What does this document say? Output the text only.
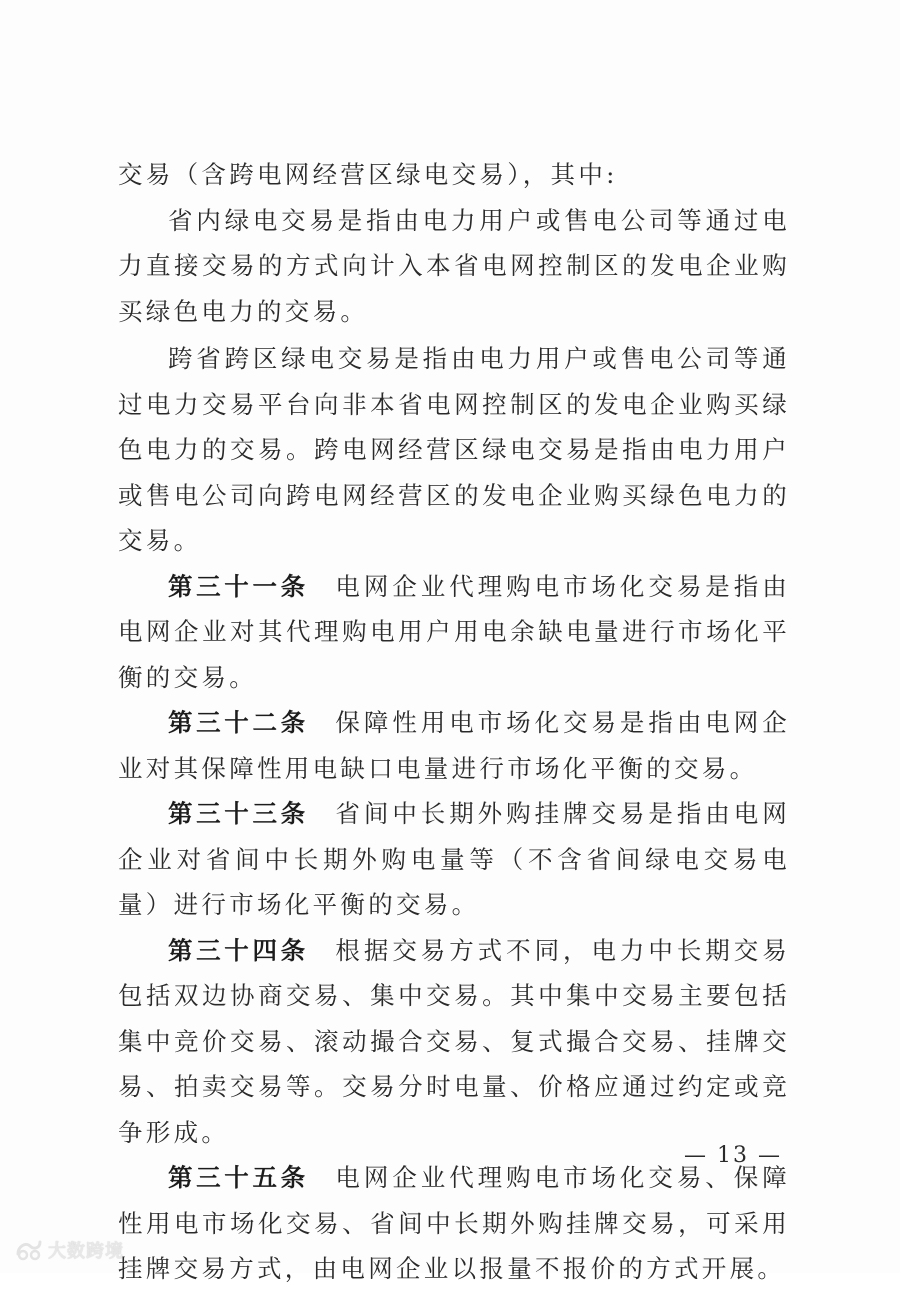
交易（含跨电网经营区绿电交易），其中:

省内绿电交易是指由电力用户或售电公司等通过电力直接交易的方式向计入本省电网控制区的发电企业购买绿色电力的交易。

跨省跨区绿电交易是指由电力用户或售电公司等通过电力交易平台向非本省电网控制区的发电企业购买绿色电力的交易。跨电网经营区绿电交易是指由电力用户或售电公司向跨电网经营区的发电企业购买绿色电力的交易。

第三十一条 电网企业代理购电市场化交易是指由电网企业对其代理购电用户用电余缺电量进行市场化平衡的交易。

第三十二条 保障性用电市场化交易是指由电网企业对其保障性用电缺口电量进行市场化平衡的交易。

第三十三条 省间中长期外购挂牌交易是指由电网企业对省间中长期外购电量等（不含省间绿电交易电量）进行市场化平衡的交易。

第三十四条 根据交易方式不同，电力中长期交易包括双边协商交易、集中交易。其中集中交易主要包括集中竞价交易、滚动撮合交易、复式撮合交易、挂牌交易、拍卖交易等。交易分时电量、价格应通过约定或竞争形成。

第三十五条 电网企业代理购电市场化交易、保障性用电市场化交易、省间中长期外购挂牌交易，可采用挂牌交易方式，由电网企业以报量不报价的方式开展。

— 13 —
大数跨境
